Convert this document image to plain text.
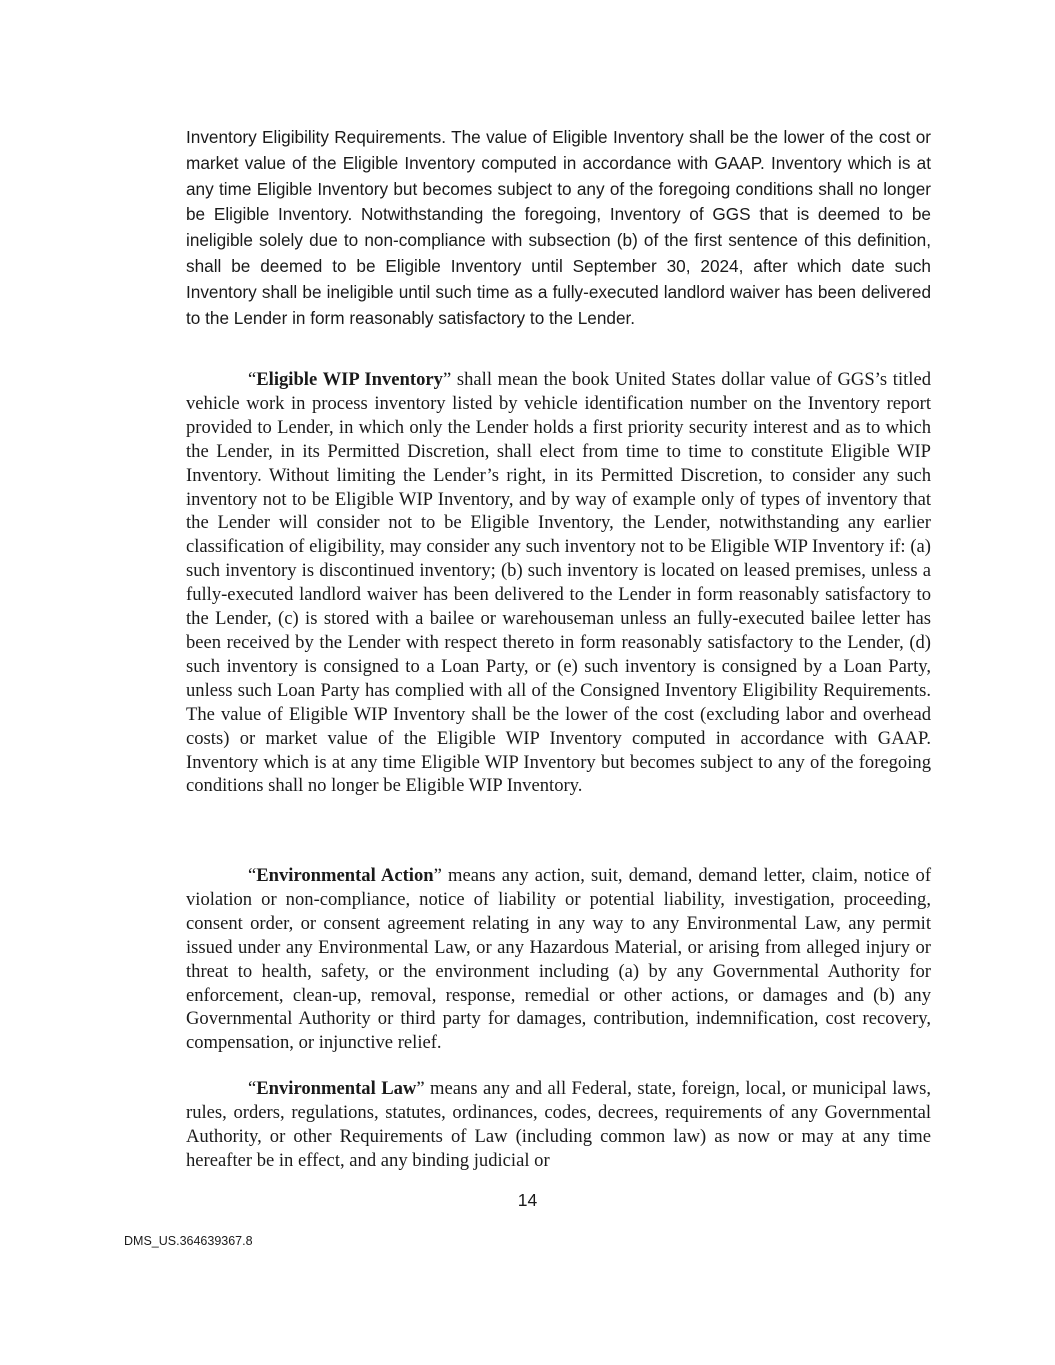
Inventory Eligibility Requirements. The value of Eligible Inventory shall be the lower of the cost or market value of the Eligible Inventory computed in accordance with GAAP. Inventory which is at any time Eligible Inventory but becomes subject to any of the foregoing conditions shall no longer be Eligible Inventory. Notwithstanding the foregoing, Inventory of GGS that is deemed to be ineligible solely due to non-compliance with subsection (b) of the first sentence of this definition, shall be deemed to be Eligible Inventory until September 30, 2024, after which date such Inventory shall be ineligible until such time as a fully-executed landlord waiver has been delivered to the Lender in form reasonably satisfactory to the Lender.

“Eligible WIP Inventory” shall mean the book United States dollar value of GGS’s titled vehicle work in process inventory listed by vehicle identification number on the Inventory report provided to Lender, in which only the Lender holds a first priority security interest and as to which the Lender, in its Permitted Discretion, shall elect from time to time to constitute Eligible WIP Inventory. Without limiting the Lender’s right, in its Permitted Discretion, to consider any such inventory not to be Eligible WIP Inventory, and by way of example only of types of inventory that the Lender will consider not to be Eligible Inventory, the Lender, notwithstanding any earlier classification of eligibility, may consider any such inventory not to be Eligible WIP Inventory if: (a) such inventory is discontinued inventory; (b) such inventory is located on leased premises, unless a fully-executed landlord waiver has been delivered to the Lender in form reasonably satisfactory to the Lender, (c) is stored with a bailee or warehouseman unless an fully-executed bailee letter has been received by the Lender with respect thereto in form reasonably satisfactory to the Lender, (d) such inventory is consigned to a Loan Party, or (e) such inventory is consigned by a Loan Party, unless such Loan Party has complied with all of the Consigned Inventory Eligibility Requirements. The value of Eligible WIP Inventory shall be the lower of the cost (excluding labor and overhead costs) or market value of the Eligible WIP Inventory computed in accordance with GAAP. Inventory which is at any time Eligible WIP Inventory but becomes subject to any of the foregoing conditions shall no longer be Eligible WIP Inventory.

“Environmental Action” means any action, suit, demand, demand letter, claim, notice of violation or non-compliance, notice of liability or potential liability, investigation, proceeding, consent order, or consent agreement relating in any way to any Environmental Law, any permit issued under any Environmental Law, or any Hazardous Material, or arising from alleged injury or threat to health, safety, or the environment including (a) by any Governmental Authority for enforcement, clean-up, removal, response, remedial or other actions, or damages and (b) any Governmental Authority or third party for damages, contribution, indemnification, cost recovery, compensation, or injunctive relief.

“Environmental Law” means any and all Federal, state, foreign, local, or municipal laws, rules, orders, regulations, statutes, ordinances, codes, decrees, requirements of any Governmental Authority, or other Requirements of Law (including common law) as now or may at any time hereafter be in effect, and any binding judicial or

14

DMS_US.364639367.8
